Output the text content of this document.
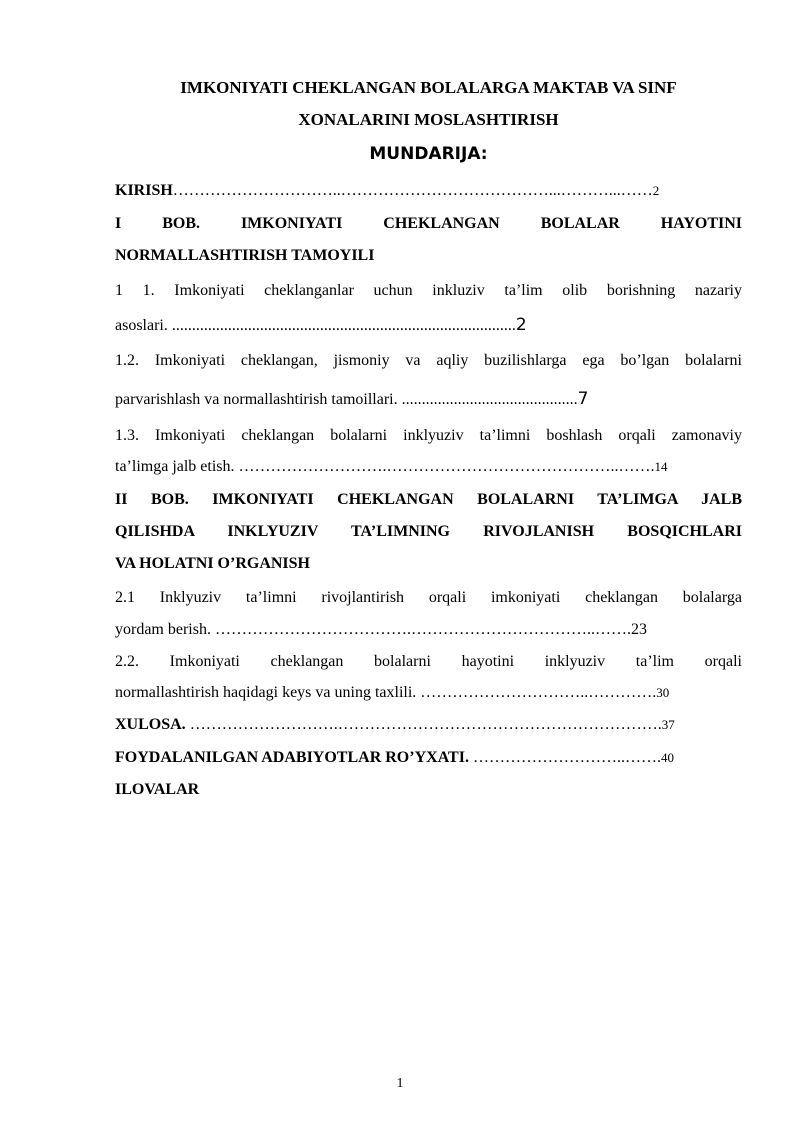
IMKONIYATI CHEKLANGAN BOLALARGA MAKTAB VA SINF
XONALARINI MOSLASHTIRISH
MUNDARIJA:
KIRISH…………………………..…………………………………...………...……2
I BOB. IMKONIYATI CHEKLANGAN BOLALAR HAYOTINI
NORMALLASHTIRISH TAMOYILI
1 1. Imkoniyati cheklanganlar uchun inkluziv ta’lim olib borishning nazariy
asoslari. ......................................................................................2
1.2. Imkoniyati cheklangan, jismoniy va aqliy buzilishlarga ega bo’lgan bolalarni
parvarishlash va normallashtirish tamoillari. ............................................7
1.3. Imkoniyati cheklangan bolalarni inklyuziv ta’limni boshlash orqali zamonaviy
ta’limga jalb etish. ……………………….……………………………………..…….14
II BOB. IMKONIYATI CHEKLANGAN BOLALARNI TA’LIMGA JALB
QILISHDA INKLYUZIV TA’LIMNING RIVOJLANISH BOSQICHLARI
VA HOLATNI O’RGANISH
2.1 Inklyuziv ta’limni rivojlantirish orqali imkoniyati cheklangan bolalarga
yordam berish. ……………………………….……………………………..…….23
2.2. Imkoniyati cheklangan bolalarni hayotini inklyuziv ta’lim orqali
normallashtirish haqidagi keys va uning taxlili. …………………………..………….30
XULOSA. ……………………….…………………………………………………….37
FOYDALANILGAN ADABIYOTLAR RO’YXATI. ………………………..…….40
ILOVALAR
1
